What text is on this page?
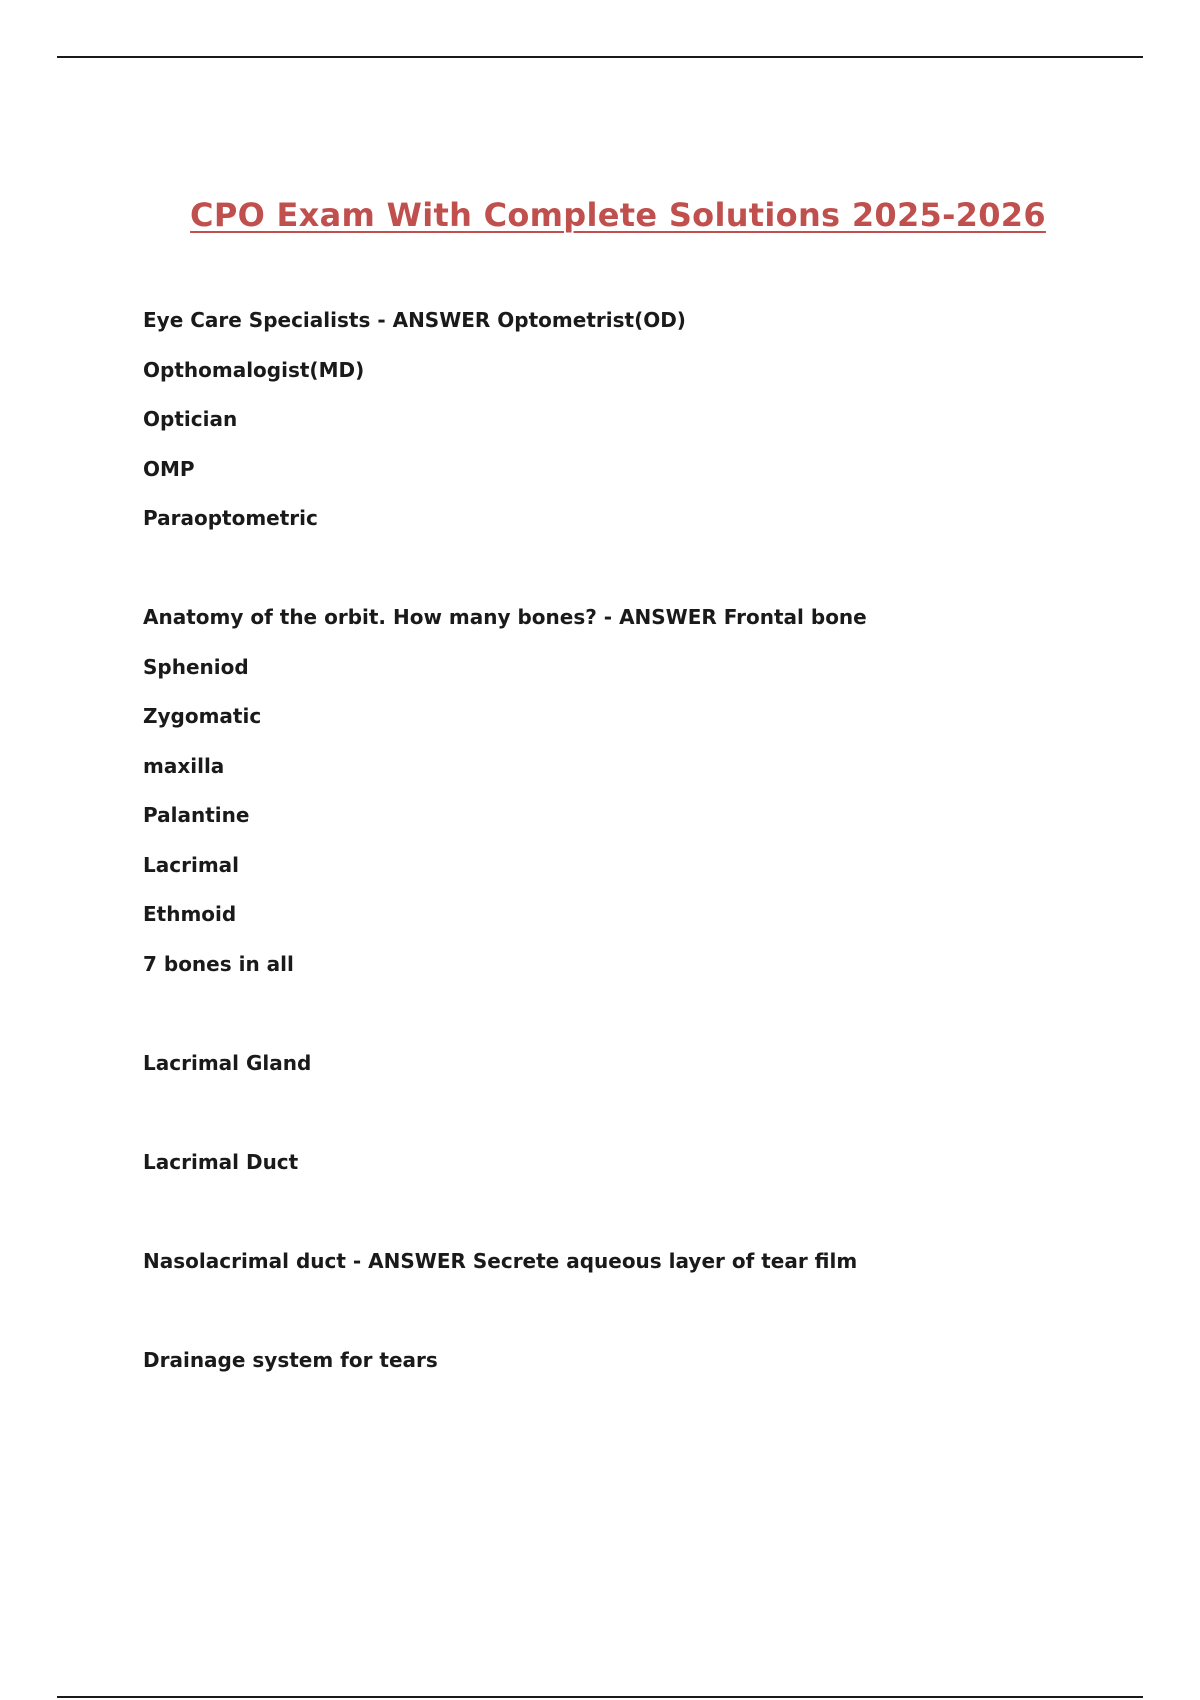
CPO Exam With Complete Solutions 2025-2026
Eye Care Specialists - ANSWER Optometrist(OD)
Opthomalogist(MD)
Optician
OMP
Paraoptometric
Anatomy of the orbit. How many bones? - ANSWER Frontal bone
Spheniod
Zygomatic
maxilla
Palantine
Lacrimal
Ethmoid
7 bones in all
Lacrimal Gland
Lacrimal Duct
Nasolacrimal duct - ANSWER Secrete aqueous layer of tear film
Drainage system for tears
